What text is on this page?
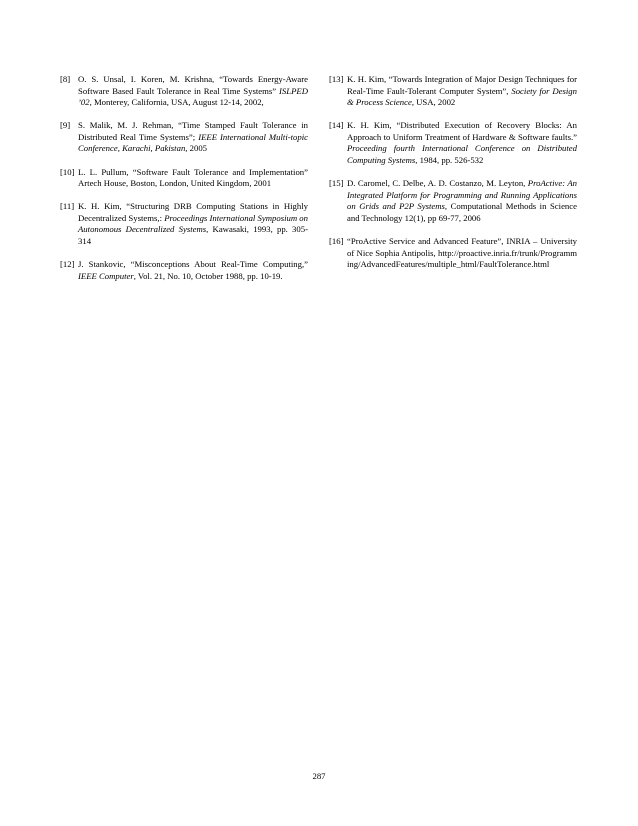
[8] O. S. Unsal, I. Koren, M. Krishna, “Towards Energy-Aware Software Based Fault Tolerance in Real Time Systems” ISLPED ’02, Monterey, California, USA, August 12-14, 2002,
[9] S. Malik, M. J. Rehman, “Time Stamped Fault Tolerance in Distributed Real Time Systems”; IEEE International Multi-topic Conference, Karachi, Pakistan, 2005
[10] L. L. Pullum, “Software Fault Tolerance and Implementation” Artech House, Boston, London, United Kingdom, 2001
[11] K. H. Kim, “Structuring DRB Computing Stations in Highly Decentralized Systems,: Proceedings International Symposium on Autonomous Decentralized Systems, Kawasaki, 1993, pp. 305-314
[12] J. Stankovic, “Misconceptions About Real-Time Computing,” IEEE Computer, Vol. 21, No. 10, October 1988, pp. 10-19.
[13] K. H. Kim, “Towards Integration of Major Design Techniques for Real-Time Fault-Tolerant Computer System”, Society for Design & Process Science, USA, 2002
[14] K. H. Kim, “Distributed Execution of Recovery Blocks: An Approach to Uniform Treatment of Hardware & Software faults.” Proceeding fourth International Conference on Distributed Computing Systems, 1984, pp. 526-532
[15] D. Caromel, C. Delbe, A. D. Costanzo, M. Leyton, ProActive: An Integrated Platform for Programming and Running Applications on Grids and P2P Systems, Computational Methods in Science and Technology 12(1), pp 69-77, 2006
[16] “ProActive Service and Advanced Feature”, INRIA – University of Nice Sophia Antipolis, http://proactive.inria.fr/trunk/Programming/AdvancedFeatures/multiple_html/FaultTolerance.html
287
